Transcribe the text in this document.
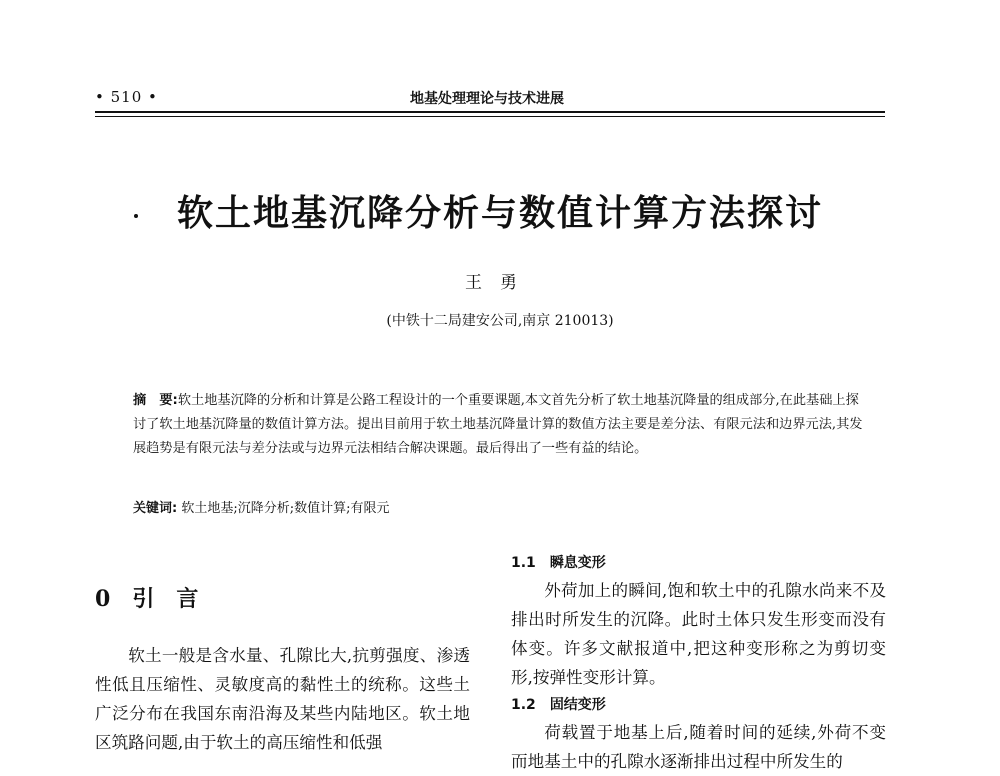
• 510 •	地基处理理论与技术进展
软土地基沉降分析与数值计算方法探讨
王勇
(中铁十二局建安公司,南京 210013)
摘　要:软土地基沉降的分析和计算是公路工程设计的一个重要课题,本文首先分析了软土地基沉降量的组成部分,在此基础上探讨了软土地基沉降量的数值计算方法。提出目前用于软土地基沉降量计算的数值方法主要是差分法、有限元法和边界元法,其发展趋势是有限元法与差分法或与边界元法相结合解决课题。最后得出了一些有益的结论。
关键词: 软土地基;沉降分析;数值计算;有限元
0 引言

软土一般是含水量、孔隙比大,抗剪强度、渗透性低且压缩性、灵敏度高的黏性土的统称。这些土广泛分布在我国东南沿海及某些内陆地区。软土地区筑路问题,由于软土的高压缩性和低强

1.1 瞬息变形

外荷加上的瞬间,饱和软土中的孔隙水尚来不及排出时所发生的沉降。此时土体只发生形变而没有体变。许多文献报道中,把这种变形称之为剪切变形,按弹性变形计算。

1.2 固结变形

荷载置于地基上后,随着时间的延续,外荷不变而地基土中的孔隙水逐渐排出过程中所发生的
